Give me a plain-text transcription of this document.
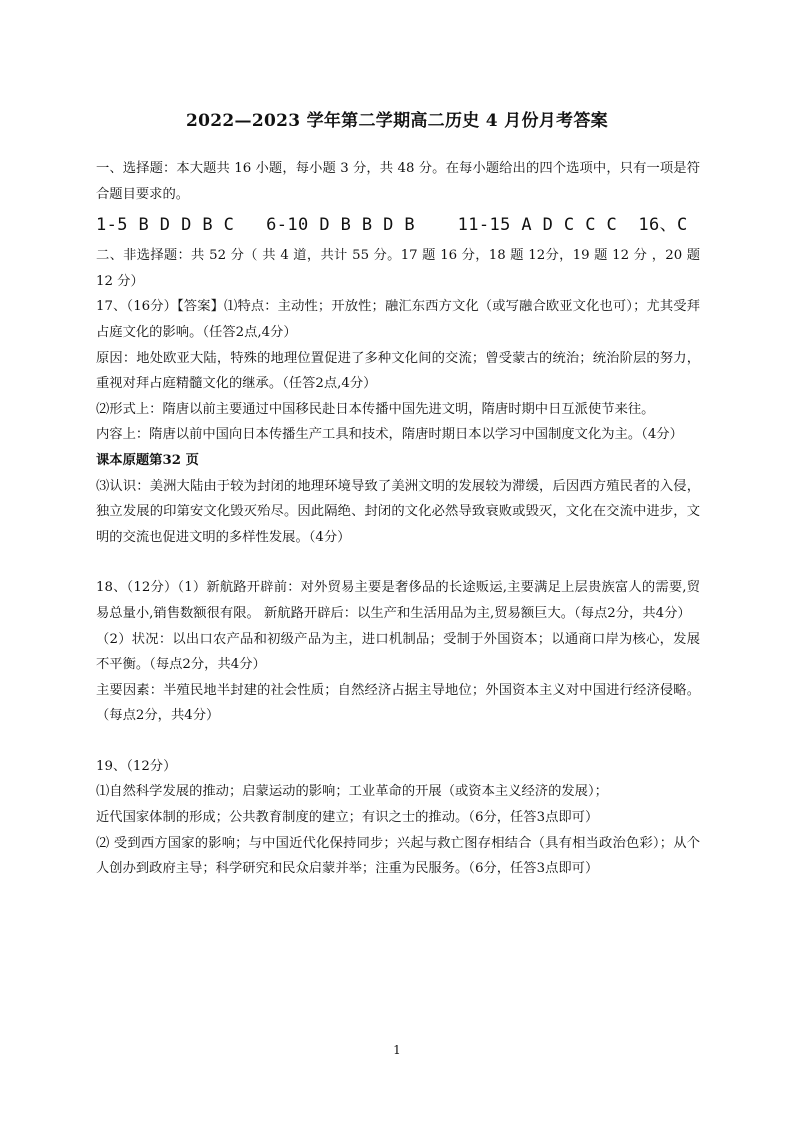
2022—2023 学年第二学期高二历史 4 月份月考答案

一、选择题：本大题共 16 小题，每小题 3 分，共 48 分。在每小题给出的四个选项中，只有一项是符合题目要求的。

1-5 B D D B C   6-10 D B B D B    11-15 A D C C C  16、C

二、非选择题：共 52 分（ 共 4 道，共计 55 分。17 题 16 分，18 题 12分，19 题 12 分 ，20 题12 分）

17、（16分）【答案】⑴特点：主动性；开放性；融汇东西方文化（或写融合欧亚文化也可）；尤其受拜占庭文化的影响。（任答2点,4分）

原因：地处欧亚大陆，特殊的地理位置促进了多种文化间的交流；曾受蒙古的统治；统治阶层的努力，重视对拜占庭精髓文化的继承。（任答2点,4分）

⑵形式上：隋唐以前主要通过中国移民赴日本传播中国先进文明，隋唐时期中日互派使节来往。

内容上：隋唐以前中国向日本传播生产工具和技术，隋唐时期日本以学习中国制度文化为主。（4分）

课本原题第32 页

⑶认识：美洲大陆由于较为封闭的地理环境导致了美洲文明的发展较为滞缓，后因西方殖民者的入侵，独立发展的印第安文化毁灭殆尽。因此隔绝、封闭的文化必然导致衰败或毁灭，文化在交流中进步，文明的交流也促进文明的多样性发展。（4分）

18、（12分）（1）新航路开辟前：对外贸易主要是奢侈品的长途贩运,主要满足上层贵族富人的需要,贸易总量小,销售数额很有限。 新航路开辟后：以生产和生活用品为主,贸易额巨大。（每点2分，共4分）

（2）状况：以出口农产品和初级产品为主，进口机制品；受制于外国资本；以通商口岸为核心，发展不平衡。（每点2分，共4分）

主要因素：半殖民地半封建的社会性质；自然经济占据主导地位；外国资本主义对中国进行经济侵略。（每点2分，共4分）

19、（12分）

⑴自然科学发展的推动；启蒙运动的影响；工业革命的开展（或资本主义经济的发展）；

近代国家体制的形成；公共教育制度的建立；有识之士的推动。（6分，任答3点即可）

⑵ 受到西方国家的影响；与中国近代化保持同步；兴起与救亡图存相结合（具有相当政治色彩）；从个人创办到政府主导；科学研究和民众启蒙并举；注重为民服务。（6分，任答3点即可）

1
